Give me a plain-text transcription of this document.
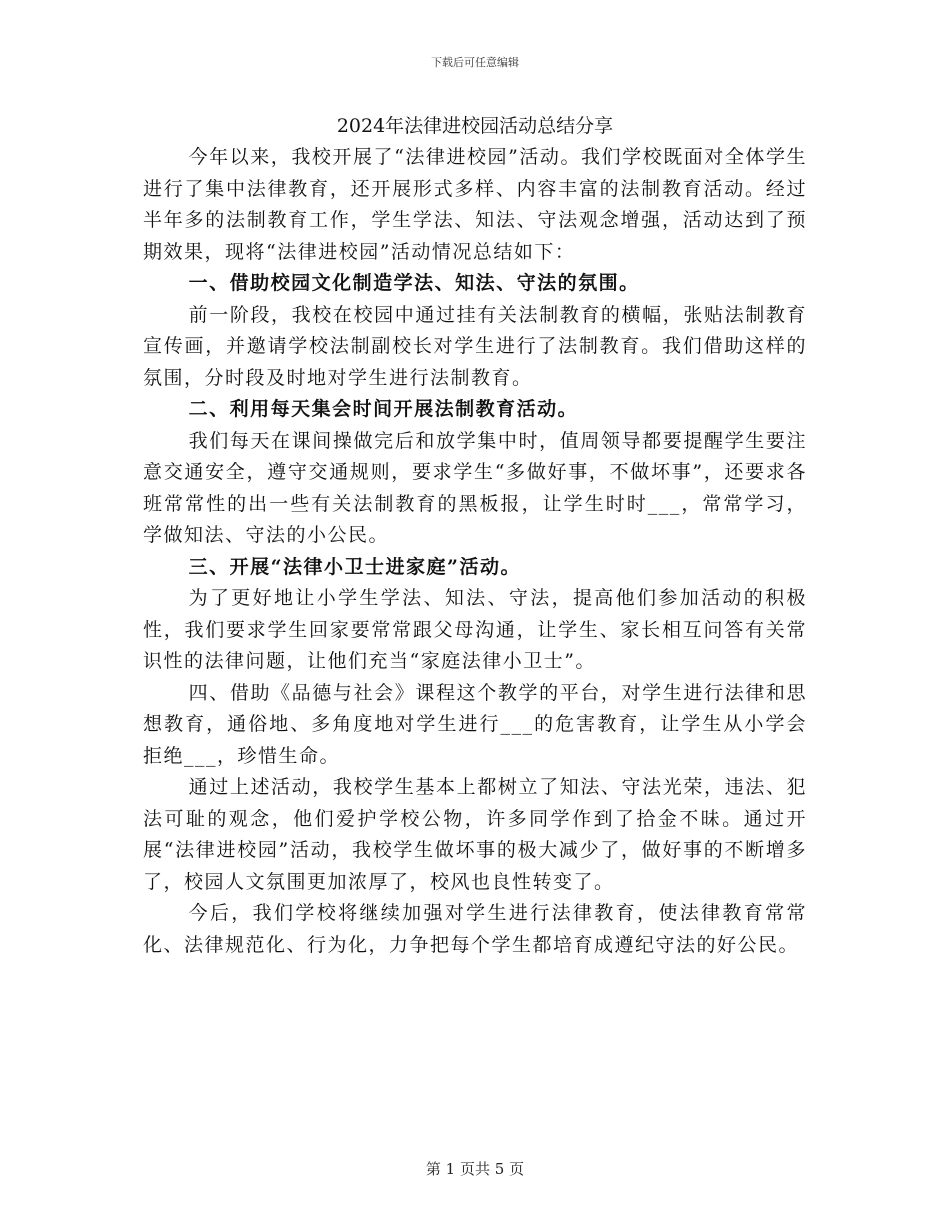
下载后可任意编辑
2024年法律进校园活动总结分享

今年以来，我校开展了“法律进校园”活动。我们学校既面对全体学生进行了集中法律教育，还开展形式多样、内容丰富的法制教育活动。经过半年多的法制教育工作，学生学法、知法、守法观念增强，活动达到了预期效果，现将“法律进校园”活动情况总结如下：

一、借助校园文化制造学法、知法、守法的氛围。

前一阶段，我校在校园中通过挂有关法制教育的横幅，张贴法制教育宣传画，并邀请学校法制副校长对学生进行了法制教育。我们借助这样的氛围，分时段及时地对学生进行法制教育。

二、利用每天集会时间开展法制教育活动。

我们每天在课间操做完后和放学集中时，值周领导都要提醒学生要注意交通安全，遵守交通规则，要求学生“多做好事，不做坏事”，还要求各班常常性的出一些有关法制教育的黑板报，让学生时时___，常常学习，学做知法、守法的小公民。

三、开展“法律小卫士进家庭”活动。

为了更好地让小学生学法、知法、守法，提高他们参加活动的积极性，我们要求学生回家要常常跟父母沟通，让学生、家长相互问答有关常识性的法律问题，让他们充当“家庭法律小卫士”。

四、借助《品德与社会》课程这个教学的平台，对学生进行法律和思想教育，通俗地、多角度地对学生进行___的危害教育，让学生从小学会拒绝___，珍惜生命。

通过上述活动，我校学生基本上都树立了知法、守法光荣，违法、犯法可耻的观念，他们爱护学校公物，许多同学作到了拾金不昧。通过开展“法律进校园”活动，我校学生做坏事的极大减少了，做好事的不断增多了，校园人文氛围更加浓厚了，校风也良性转变了。

今后，我们学校将继续加强对学生进行法律教育，使法律教育常常化、法律规范化、行为化，力争把每个学生都培育成遵纪守法的好公民。

第 1 页共 5 页
